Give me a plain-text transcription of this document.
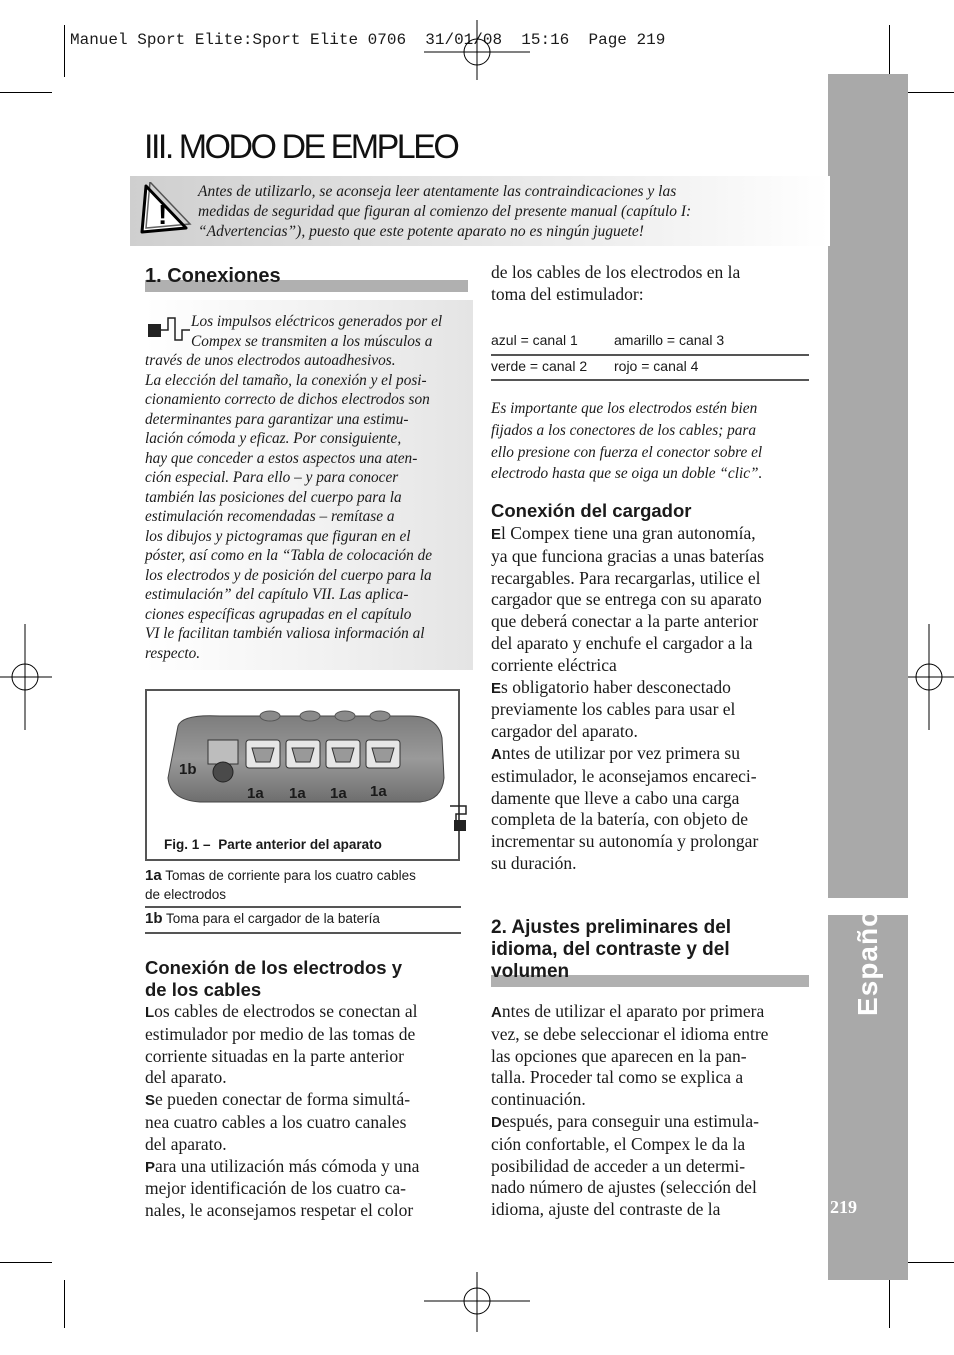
Manuel Sport Elite:Sport Elite 0706  31/01/08  15:16  Page 219
Español
219
III. MODO DE EMPLEO
!
Antes de utilizarlo, se aconseja leer atentamente las contraindicaciones y las
medidas de seguridad que figuran al comienzo del presente manual (capítulo I:
“Advertencias”), puesto que este potente aparato no es ningún juguete!
1. Conexiones
Los impulsos eléctricos generados por el
Compex se transmiten a los músculos a
través de unos electrodos autoadhesivos.
La elección del tamaño, la conexión y el posi-
cionamiento correcto de dichos electrodos son
determinantes para garantizar una estimu-
lación cómoda y eficaz. Por consiguiente,
hay que conceder a estos aspectos una aten-
ción especial. Para ello – y para conocer
también las posiciones del cuerpo para la
estimulación recomendadas – remítase a
los dibujos y pictogramas que figuran en el
póster, así como en la “Tabla de colocación de
los electrodos y de posición del cuerpo para la
estimulación” del capítulo VII. Las aplica-
ciones específicas agrupadas en el capítulo
VI le facilitan también valiosa información al
respecto.
1b
1a 1a 1a 1a
Fig. 1 – Parte anterior del aparato
1a Tomas de corriente para los cuatro cables
de electrodos
1b Toma para el cargador de la batería
Conexión de los electrodos y
de los cables
Los cables de electrodos se conectan al
estimulador por medio de las tomas de
corriente situadas en la parte anterior
del aparato.
Se pueden conectar de forma simultá-
nea cuatro cables a los cuatro canales
del aparato.
Para una utilización más cómoda y una
mejor identificación de los cuatro ca-
nales, le aconsejamos respetar el color
de los cables de los electrodos en la
toma del estimulador:
azul = canal 1	amarillo = canal 3
verde = canal 2 rojo = canal 4
Es importante que los electrodos estén bien
fijados a los conectores de los cables; para
ello presione con fuerza el conector sobre el
electrodo hasta que se oiga un doble “clic”.
Conexión del cargador
El Compex tiene una gran autonomía,
ya que funciona gracias a unas baterías
recargables. Para recargarlas, utilice el
cargador que se entrega con su aparato
que deberá conectar a la parte anterior
del aparato y enchufe el cargador a la
corriente eléctrica
Es obligatorio haber desconectado
previamente los cables para usar el
cargador del aparato.
Antes de utilizar por vez primera su
estimulador, le aconsejamos encareci-
damente que lleve a cabo una carga
completa de la batería, con objeto de
incrementar su autonomía y prolongar
su duración.
2. Ajustes preliminares del
idioma, del contraste y del
volumen
Antes de utilizar el aparato por primera
vez, se debe seleccionar el idioma entre
las opciones que aparecen en la pan-
talla. Proceder tal como se explica a
continuación.
Después, para conseguir una estimula-
ción confortable, el Compex le da la
posibilidad de acceder a un determi-
nado número de ajustes (selección del
idioma, ajuste del contraste de la
